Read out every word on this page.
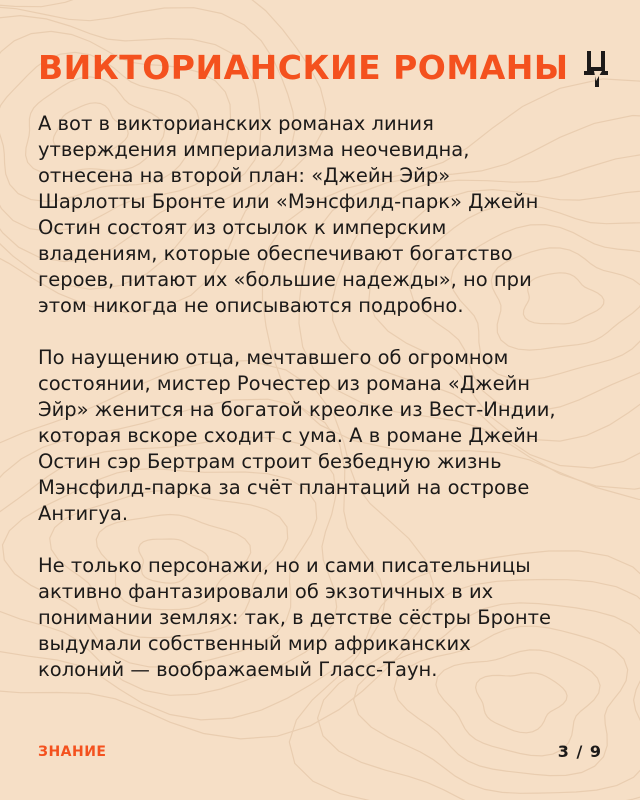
ВИКТОРИАНСКИЕ РОМАНЫ

А вот в викторианских романах линия
утверждения империализма неочевидна,
отнесена на второй план: «Джейн Эйр»
Шарлотты Бронте или «Мэнсфилд-парк» Джейн
Остин состоят из отсылок к имперским
владениям, которые обеспечивают богатство
героев, питают их «большие надежды», но при
этом никогда не описываются подробно.

По наущению отца, мечтавшего об огромном
состоянии, мистер Рочестер из романа «Джейн
Эйр» женится на богатой креолке из Вест-Индии,
которая вскоре сходит с ума. А в романе Джейн
Остин сэр Бертрам строит безбедную жизнь
Мэнсфилд-парка за счёт плантаций на острове
Антигуа.

Не только персонажи, но и сами писательницы
активно фантазировали об экзотичных в их
понимании землях: так, в детстве сёстры Бронте
выдумали собственный мир африканских
колоний — воображаемый Гласс-Таун.

ЗНАНИЕ	3 / 9
